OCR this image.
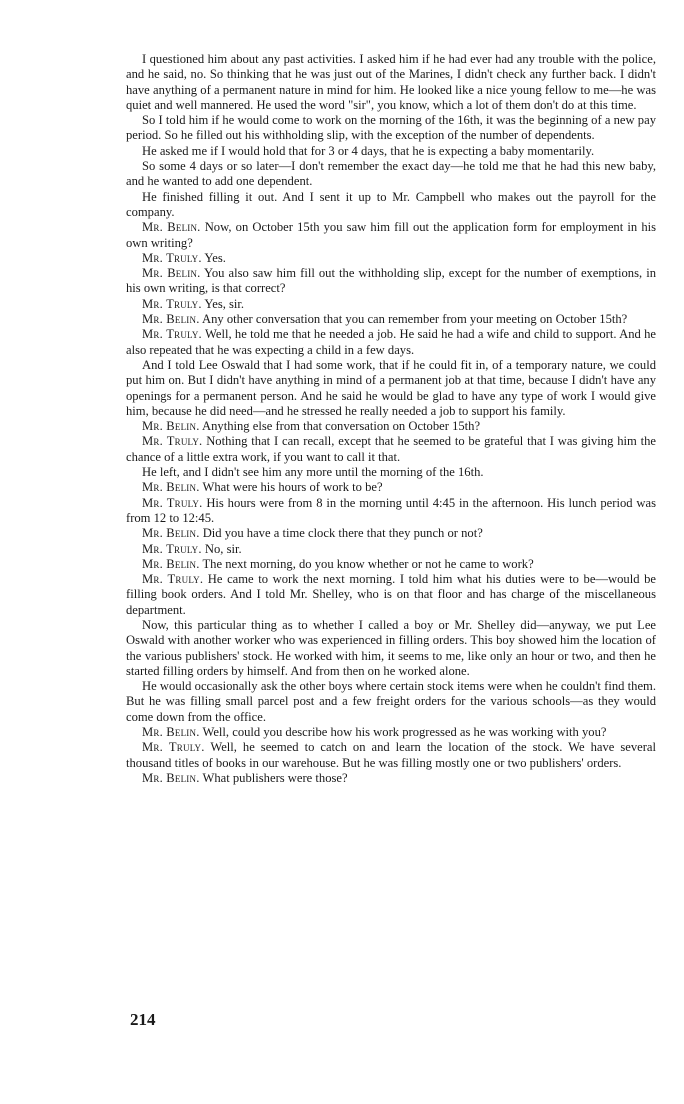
I questioned him about any past activities. I asked him if he had ever had any trouble with the police, and he said, no. So thinking that he was just out of the Marines, I didn't check any further back. I didn't have anything of a permanent nature in mind for him. He looked like a nice young fellow to me—he was quiet and well mannered. He used the word "sir", you know, which a lot of them don't do at this time.

So I told him if he would come to work on the morning of the 16th, it was the beginning of a new pay period. So he filled out his withholding slip, with the exception of the number of dependents.

He asked me if I would hold that for 3 or 4 days, that he is expecting a baby momentarily.

So some 4 days or so later—I don't remember the exact day—he told me that he had this new baby, and he wanted to add one dependent.

He finished filling it out. And I sent it up to Mr. Campbell who makes out the payroll for the company.

Mr. Belin. Now, on October 15th you saw him fill out the application form for employment in his own writing?

Mr. Truly. Yes.

Mr. Belin. You also saw him fill out the withholding slip, except for the number of exemptions, in his own writing, is that correct?

Mr. Truly. Yes, sir.

Mr. Belin. Any other conversation that you can remember from your meeting on October 15th?

Mr. Truly. Well, he told me that he needed a job. He said he had a wife and child to support. And he also repeated that he was expecting a child in a few days.

And I told Lee Oswald that I had some work, that if he could fit in, of a temporary nature, we could put him on. But I didn't have anything in mind of a permanent job at that time, because I didn't have any openings for a permanent person. And he said he would be glad to have any type of work I would give him, because he did need—and he stressed he really needed a job to support his family.

Mr. Belin. Anything else from that conversation on October 15th?

Mr. Truly. Nothing that I can recall, except that he seemed to be grateful that I was giving him the chance of a little extra work, if you want to call it that.

He left, and I didn't see him any more until the morning of the 16th.

Mr. Belin. What were his hours of work to be?

Mr. Truly. His hours were from 8 in the morning until 4:45 in the afternoon. His lunch period was from 12 to 12:45.

Mr. Belin. Did you have a time clock there that they punch or not?

Mr. Truly. No, sir.

Mr. Belin. The next morning, do you know whether or not he came to work?

Mr. Truly. He came to work the next morning. I told him what his duties were to be—would be filling book orders. And I told Mr. Shelley, who is on that floor and has charge of the miscellaneous department.

Now, this particular thing as to whether I called a boy or Mr. Shelley did—anyway, we put Lee Oswald with another worker who was experienced in filling orders. This boy showed him the location of the various publishers' stock. He worked with him, it seems to me, like only an hour or two, and then he started filling orders by himself. And from then on he worked alone.

He would occasionally ask the other boys where certain stock items were when he couldn't find them. But he was filling small parcel post and a few freight orders for the various schools—as they would come down from the office.

Mr. Belin. Well, could you describe how his work progressed as he was working with you?

Mr. Truly. Well, he seemed to catch on and learn the location of the stock. We have several thousand titles of books in our warehouse. But he was filling mostly one or two publishers' orders.

Mr. Belin. What publishers were those?

214
